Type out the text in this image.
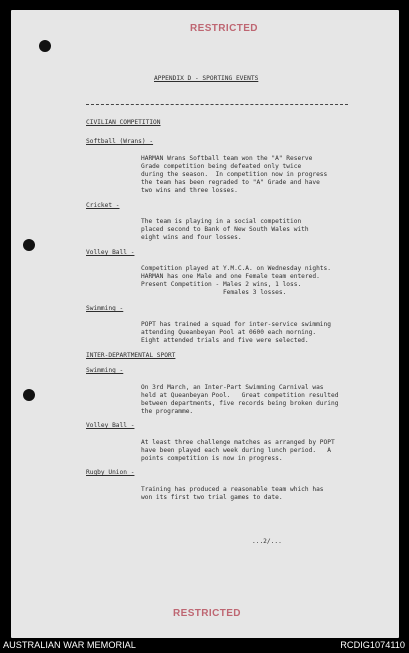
RESTRICTED
APPENDIX D - SPORTING EVENTS
CIVILIAN COMPETITION
Softball (Wrans) -
HARMAN Wrans Softball team won the "A" Reserve
Grade competition being defeated only twice
during the season.  In competition now in progress
the team has been regraded to "A" Grade and have
two wins and three losses.
Cricket -
The team is playing in a social competition
placed second to Bank of New South Wales with
eight wins and four losses.
Volley Ball -
Competition played at Y.M.C.A. on Wednesday nights.
HARMAN has one Male and one Female team entered.
Present Competition - Males 2 wins, 1 loss.
Females 3 losses.
Swimming -
POPT has trained a squad for inter-service swimming
attending Queanbeyan Pool at 0600 each morning.
Eight attended trials and five were selected.
INTER-DEPARTMENTAL SPORT
Swimming -
On 3rd March, an Inter-Part Swimming Carnival was
held at Queanbeyan Pool.   Great competition resulted
between departments, five records being broken during
the programme.
Volley Ball -
At least three challenge matches as arranged by POPT
have been played each week during lunch period.   A
points competition is now in progress.
Rugby Union -
Training has produced a reasonable team which has
won its first two trial games to date.
...2/...
RESTRICTED
AUSTRALIAN WAR MEMORIAL	RCDIG1074110
